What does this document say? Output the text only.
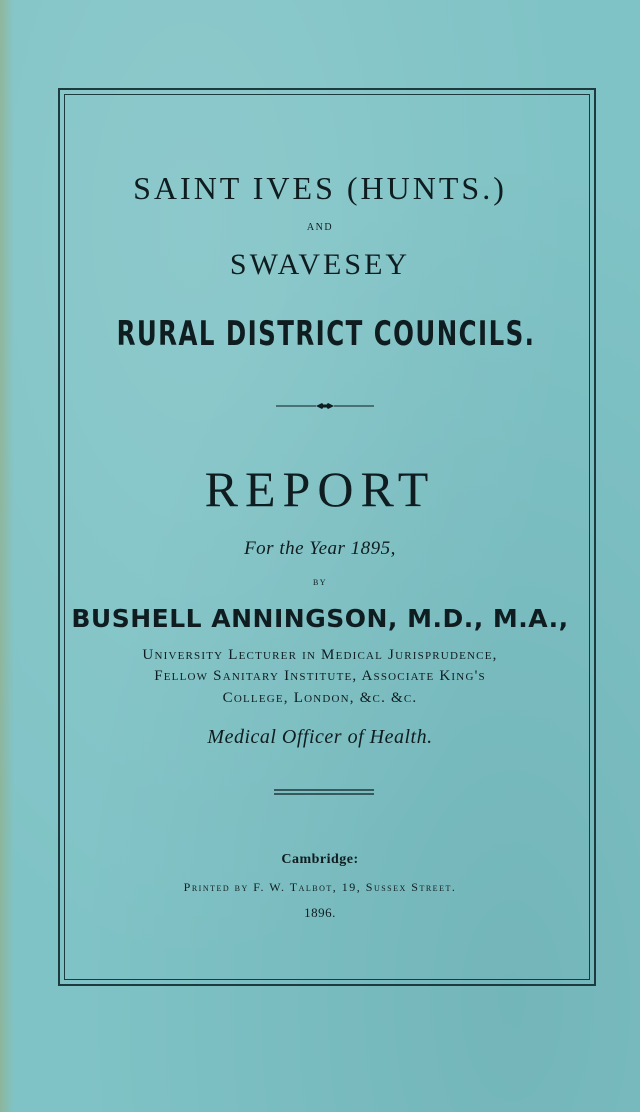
SAINT IVES (HUNTS.)
AND
SWAVESEY
RURAL DISTRICT COUNCILS.
REPORT
For the Year 1895,
BY
BUSHELL ANNINGSON, M.D., M.A.,
University Lecturer in Medical Jurisprudence,
Fellow Sanitary Institute, Associate King's
College, London, &c. &c.
Medical Officer of Health.
Cambridge:
Printed by F. W. Talbot, 19, Sussex Street.
1896.
